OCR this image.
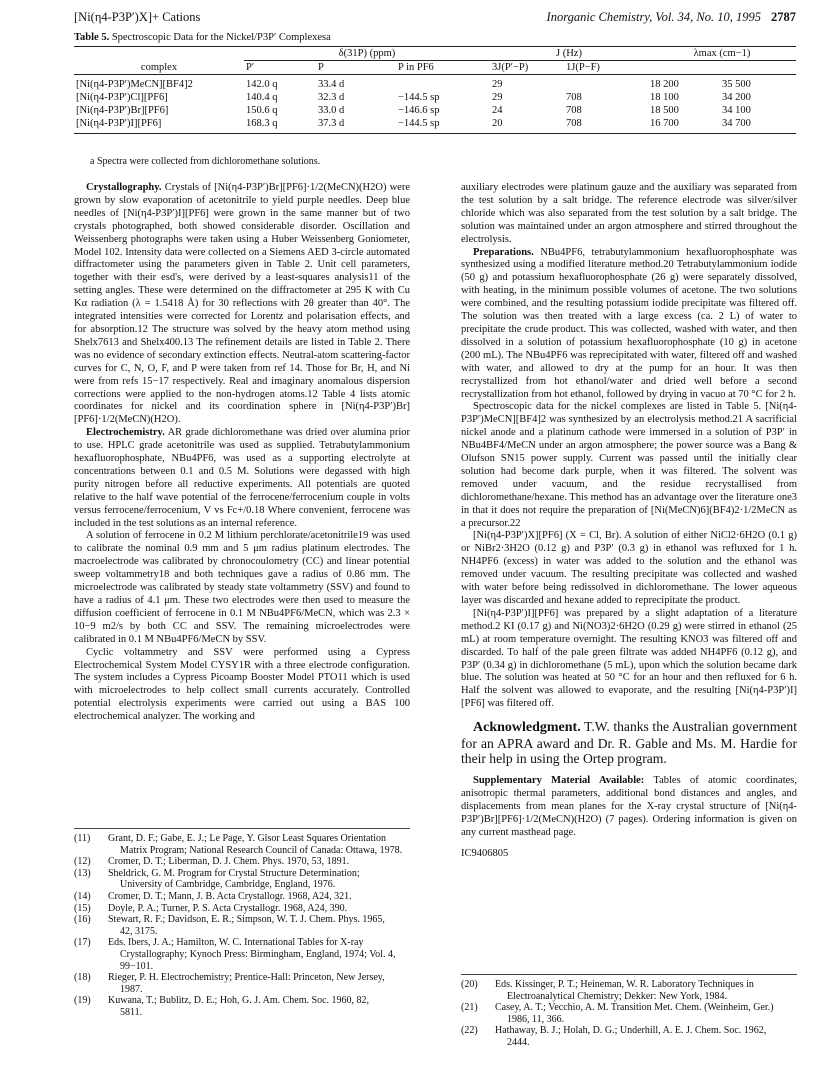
[Ni(η4-P3P′)X]+ Cations	Inorganic Chemistry, Vol. 34, No. 10, 1995 2787
Table 5. Spectroscopic Data for the Nickel/P3P′ Complexesa
	δ(31P) (ppm)			J (Hz)		λmax (cm−1)	
complex	P′	P	P in PF6	3J(P′−P)	1J(P−F)		
[Ni(η4-P3P′)MeCN][BF4]2	142.0 q	33.4 d		29		18 200	35 500
[Ni(η4-P3P′)Cl][PF6]	140.4 q	32.3 d	−144.5 sp	29	708	18 100	34 200
[Ni(η4-P3P′)Br][PF6]	150.6 q	33.0 d	−146.6 sp	24	708	18 500	34 100
[Ni(η4-P3P′)I][PF6]	168.3 q	37.3 d	−144.5 sp	20	708	16 700	34 700
a Spectra were collected from dichloromethane solutions.

Crystallography. Crystals of [Ni(η4-P3P′)Br][PF6]·1/2(MeCN)(H2O) were grown by slow evaporation of acetonitrile to yield purple needles. Deep blue needles of [Ni(η4-P3P′)I][PF6] were grown in the same manner but of two crystals photographed, both showed considerable disorder. Oscillation and Weissenberg photographs were taken using a Huber Weissenberg Goniometer, Model 102. Intensity data were collected on a Siemens AED 3-circle automated diffractometer using the parameters given in Table 2. Unit cell parameters, together with their esd's, were derived by a least-squares analysis11 of the setting angles. These were determined on the diffractometer at 295 K with Cu Kα radiation (λ = 1.5418 Å) for 30 reflections with 2θ greater than 40°. The integrated intensities were corrected for Lorentz and polarisation effects, and for absorption.12 The structure was solved by the heavy atom method using Shelx7613 and Shelx400.13 The refinement details are listed in Table 2. There was no evidence of secondary extinction effects. Neutral-atom scattering-factor curves for C, N, O, F, and P were taken from ref 14. Those for Br, H, and Ni were from refs 15−17 respectively. Real and imaginary anomalous dispersion corrections were applied to the non-hydrogen atoms.12 Table 4 lists atomic coordinates for nickel and its coordination sphere in [Ni(η4-P3P′)Br][PF6]·1/2(MeCN)(H2O).

Electrochemistry. AR grade dichloromethane was dried over alumina prior to use. HPLC grade acetonitrile was used as supplied. Tetrabutylammonium hexafluorophosphate, NBu4PF6, was used as a supporting electrolyte at concentrations between 0.1 and 0.5 M. Solutions were degassed with high purity nitrogen before all reductive experiments. All potentials are quoted relative to the half wave potential of the ferrocene/ferrocenium couple in volts versus ferrocene/ferrocenium, V vs Fc+/0.18 Where convenient, ferrocene was included in the test solutions as an internal reference.

A solution of ferrocene in 0.2 M lithium perchlorate/acetonitrile19 was used to calibrate the nominal 0.9 mm and 5 μm radius platinum electrodes. The macroelectrode was calibrated by chronocoulometry (CC) and linear potential sweep voltammetry18 and both techniques gave a radius of 0.86 mm. The microelectrode was calibrated by steady state voltammetry (SSV) and found to have a radius of 4.1 μm. These two electrodes were then used to measure the diffusion coefficient of ferrocene in 0.1 M NBu4PF6/MeCN, which was 2.3 × 10−9 m2/s by both CC and SSV. The remaining microelectrodes were calibrated in 0.1 M NBu4PF6/MeCN by SSV.

Cyclic voltammetry and SSV were performed using a Cypress Electrochemical System Model CYSY1R with a three electrode configuration. The system includes a Cypress Picoamp Booster Model PTO11 which is used with microelectrodes to help collect small currents accurately. Controlled potential electrolysis experiments were carried out using a BAS 100 electrochemical analyzer. The working and

auxiliary electrodes were platinum gauze and the auxiliary was separated from the test solution by a salt bridge. The reference electrode was silver/silver chloride which was also separated from the test solution by a salt bridge. The solution was maintained under an argon atmosphere and stirred throughout the electrolysis.

Preparations. NBu4PF6, tetrabutylammonium hexafluorophosphate was synthesized using a modified literature method.20 Tetrabutylammonium iodide (50 g) and potassium hexafluorophosphate (26 g) were separately dissolved, with heating, in the minimum possible volumes of acetone. The two solutions were combined, and the resulting potassium iodide precipitate was filtered off. The solution was then treated with a large excess (ca. 2 L) of water to precipitate the crude product. This was collected, washed with water, and then dissolved in a solution of potassium hexafluorophosphate (10 g) in acetone (200 mL). The NBu4PF6 was reprecipitated with water, filtered off and washed with water, and allowed to dry at the pump for an hour. It was then recrystallized from hot ethanol/water and dried well before a second recrystallization from hot ethanol, followed by drying in vacuo at 70 °C for 2 h.

Spectroscopic data for the nickel complexes are listed in Table 5. [Ni(η4-P3P′)MeCN][BF4]2 was synthesized by an electrolysis method.21 A sacrificial nickel anode and a platinum cathode were immersed in a solution of P3P′ in NBu4BF4/MeCN under an argon atmosphere; the power source was a Bang & Olufson SN15 power supply. Current was passed until the initially clear solution had become dark purple, when it was filtered. The solvent was removed under vacuum, and the residue recrystallised from dichloromethane/hexane. This method has an advantage over the literature one3 in that it does not require the preparation of [Ni(MeCN)6](BF4)2·1/2MeCN as a precursor.22

[Ni(η4-P3P′)X][PF6] (X = Cl, Br). A solution of either NiCl2·6H2O (0.1 g) or NiBr2·3H2O (0.12 g) and P3P′ (0.3 g) in ethanol was refluxed for 1 h. NH4PF6 (excess) in water was added to the solution and the ethanol was removed under vacuum. The resulting precipitate was collected and washed with water before being redissolved in dichloromethane. The lower aqueous layer was discarded and hexane added to reprecipitate the product.

[Ni(η4-P3P′)I][PF6] was prepared by a slight adaptation of a literature method.2 KI (0.17 g) and Ni(NO3)2·6H2O (0.29 g) were stirred in ethanol (25 mL) at room temperature overnight. The resulting KNO3 was filtered off and discarded. To half of the pale green filtrate was added NH4PF6 (0.12 g), and P3P′ (0.34 g) in dichloromethane (5 mL), upon which the solution became dark blue. The solution was heated at 50 °C for an hour and then refluxed for 6 h. Half the solvent was allowed to evaporate, and the resulting [Ni(η4-P3P′)I][PF6] was filtered off.

Acknowledgment. T.W. thanks the Australian government for an APRA award and Dr. R. Gable and Ms. M. Hardie for their help in using the Ortep program.

Supplementary Material Available: Tables of atomic coordinates, anisotropic thermal parameters, additional bond distances and angles, and displacements from mean planes for the X-ray crystal structure of [Ni(η4-P3P′)Br][PF6]·1/2(MeCN)(H2O) (7 pages). Ordering information is given on any current masthead page.

IC9406805

(11) Grant, D. F.; Gabe, E. J.; Le Page, Y. Glsor Least Squares Orientation
Matrix Program; National Research Council of Canada: Ottawa, 1978.
(12) Cromer, D. T.; Liberman, D. J. Chem. Phys. 1970, 53, 1891.
(13) Sheldrick, G. M. Program for Crystal Structure Determination;
University of Cambridge, Cambridge, England, 1976.
(14) Cromer, D. T.; Mann, J. B. Acta Crystallogr. 1968, A24, 321.
(15) Doyle, P. A.; Turner, P. S. Acta Crystallogr. 1968, A24, 390.
(16) Stewart, R. F.; Davidson, E. R.; Simpson, W. T. J. Chem. Phys. 1965,
42, 3175.
(17) Eds. Ibers, J. A.; Hamilton, W. C. International Tables for X-ray
Crystallography; Kynoch Press: Birmingham, England, 1974; Vol. 4, 99−101.
(18) Rieger, P. H. Electrochemistry; Prentice-Hall: Princeton, New Jersey,
1987.
(19) Kuwana, T.; Bublitz, D. E.; Hoh, G. J. Am. Chem. Soc. 1960, 82,
5811.
(20) Eds. Kissinger, P. T.; Heineman, W. R. Laboratory Techniques in
Electroanalytical Chemistry; Dekker: New York, 1984.
(21) Casey, A. T.; Vecchio, A. M. Transition Met. Chem. (Weinheim, Ger.)
1986, 11, 366.
(22) Hathaway, B. J.; Holah, D. G.; Underhill, A. E. J. Chem. Soc. 1962,
2444.
